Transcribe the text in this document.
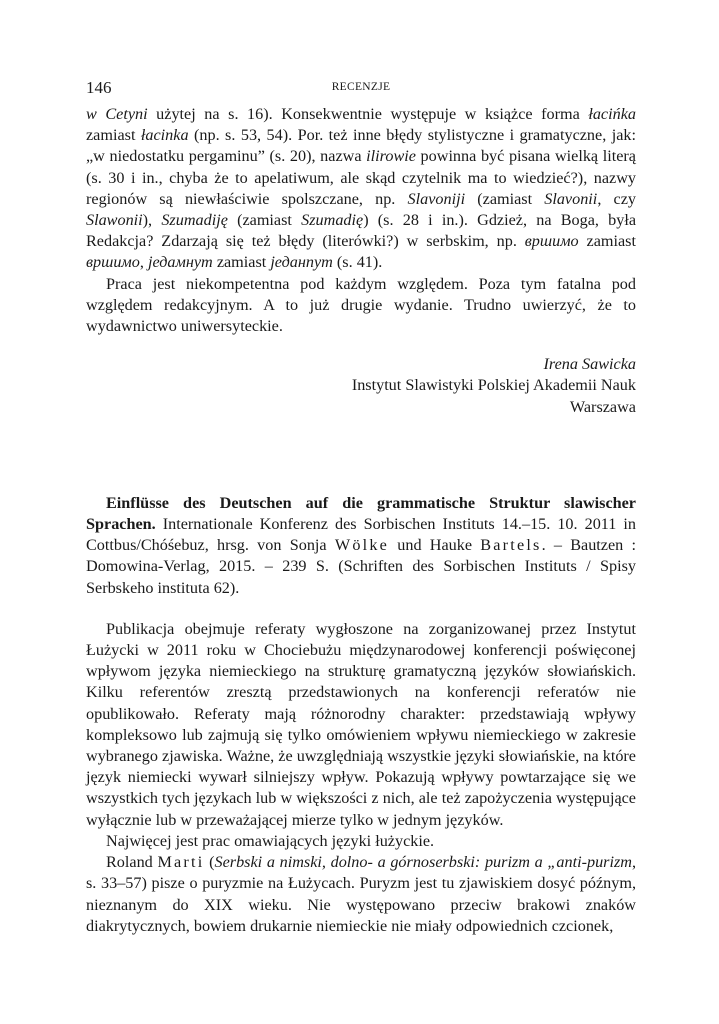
146	RECENZJE

w Cetyni użytej na s. 16). Konsekwentnie występuje w książce forma łacińka zamiast łacinka (np. s. 53, 54). Por. też inne błędy stylistyczne i gramatyczne, jak: „w niedostatku pergaminu” (s. 20), nazwa ilirowie powinna być pisana wielką literą (s. 30 i in., chyba że to apelatiwum, ale skąd czytelnik ma to wiedzieć?), nazwy regionów są niewłaściwie spolszczane, np. Slavoniji (zamiast Slavonii, czy Slawonii), Szumadiję (zamiast Szumadię) (s. 28 i in.). Gdzież, na Boga, była Redakcja? Zdarzają się też błędy (literówki?) w serbskim, np. вршимо zamiast вршимо, једамнут zamiast једанпут (s. 41).

Praca jest niekompetentna pod każdym względem. Poza tym fatalna pod względem redakcyjnym. A to już drugie wydanie. Trudno uwierzyć, że to wydawnictwo uniwersyteckie.

Irena Sawicka
Instytut Slawistyki Polskiej Akademii Nauk
Warszawa

Einflüsse des Deutschen auf die grammatische Struktur slawischer Sprachen. Internationale Konferenz des Sorbischen Instituts 14.–15. 10. 2011 in Cottbus/Chóśebuz, hrsg. von Sonja Wölke und Hauke Bartels. – Bautzen : Domowina-Verlag, 2015. – 239 S. (Schriften des Sorbischen Instituts / Spisy Serbskeho instituta 62).

Publikacja obejmuje referaty wygłoszone na zorganizowanej przez Instytut Łużycki w 2011 roku w Chociebużu międzynarodowej konferencji poświęconej wpływom języka niemieckiego na strukturę gramatyczną języków słowiańskich. Kilku referentów zresztą przedstawionych na konferencji referatów nie opublikowało. Referaty mają różnorodny charakter: przedstawiają wpływy kompleksowo lub zajmują się tylko omówieniem wpływu niemieckiego w zakresie wybranego zjawiska. Ważne, że uwzględniają wszystkie języki słowiańskie, na które język niemiecki wywarł silniejszy wpływ. Pokazują wpływy powtarzające się we wszystkich tych językach lub w większości z nich, ale też zapożyczenia występujące wyłącznie lub w przeważającej mierze tylko w jednym języków.

Najwięcej jest prac omawiających języki łużyckie.

Roland Marti (Serbski a nimski, dolno- a górnoserbski: purizm a „anti-purizm, s. 33–57) pisze o puryzmie na Łużycach. Puryzm jest tu zjawiskiem dosyć późnym, nieznanym do XIX wieku. Nie występowano przeciw brakowi znaków diakrytycznych, bowiem drukarnie niemieckie nie miały odpowiednich czcionek,
